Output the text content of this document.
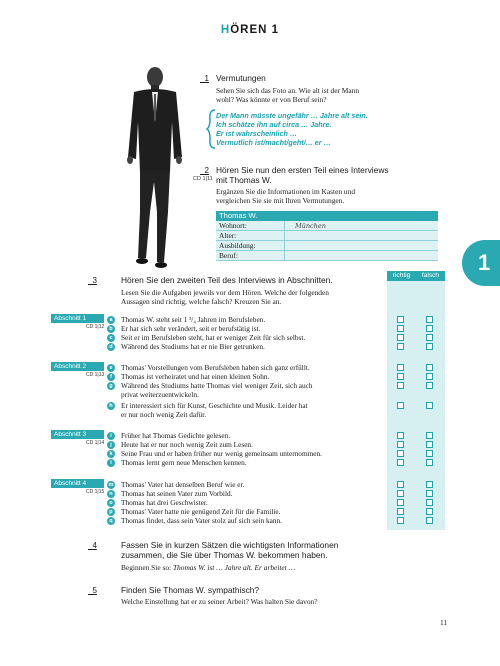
HÖREN 1
1
1 Vermutungen
Sehen Sie sich das Foto an. Wie alt ist der Mann
wohl? Was könnte er von Beruf sein?
Der Mann müsste ungefähr … Jahre alt sein.
Ich schätze ihn auf circa … Jahre.
Er ist wahrscheinlich …
Vermutlich ist/macht/geht/… er …
2
CD 1|11
Hören Sie nun den ersten Teil eines Interviews
mit Thomas W.
Ergänzen Sie die Informationen im Kasten und
vergleichen Sie sie mit Ihren Vermutungen.
Thomas W.
Wohnort:	München
Alter:
Ausbildung:
Beruf:
3	Hören Sie den zweiten Teil des Interviews in Abschnitten.
Lesen Sie die Aufgaben jeweils vor dem Hören. Welche der folgenden
Aussagen sind richtig, welche falsch? Kreuzen Sie an.
richtig falsch
Abschnitt 1
CD 1|12
Abschnitt 2
CD 1|13
Abschnitt 3
CD 1|14
Abschnitt 4
CD 1|15
a	Thomas W. steht seit 1 ³/₄ Jahren im Berufsleben.
b	Er hat sich sehr verändert, seit er berufstätig ist.
c	Seit er im Berufsleben steht, hat er weniger Zeit für sich selbst.
d	Während des Studiums hat er nie Bier getrunken.
e	Thomas' Vorstellungen vom Berufsleben haben sich ganz erfüllt.
f	Thomas ist verheiratet und hat einen kleinen Sohn.
g	Während des Studiums hatte Thomas viel weniger Zeit, sich auch
privat weiterzuentwickeln.
h	Er interessiert sich für Kunst, Geschichte und Musik. Leider hat
er nur noch wenig Zeit dafür.
i	Früher hat Thomas Gedichte gelesen.
j	Heute hat er nur noch wenig Zeit zum Lesen.
k	Seine Frau und er haben früher nur wenig gemeinsam unternommen.
l	Thomas lernt gern neue Menschen kennen.
m Thomas' Vater hat denselben Beruf wie er.
n	Thomas hat seinen Vater zum Vorbild.
o	Thomas hat drei Geschwister.
p	Thomas' Vater hatte nie genügend Zeit für die Familie.
q	Thomas findet, dass sein Vater stolz auf sich sein kann.
4	Fassen Sie in kurzen Sätzen die wichtigsten Informationen
zusammen, die Sie über Thomas W. bekommen haben.
Beginnen Sie so: Thomas W. ist … Jahre alt. Er arbeitet …
5	Finden Sie Thomas W. sympathisch?
Welche Einstellung hat er zu seiner Arbeit? Was halten Sie davon?
11
